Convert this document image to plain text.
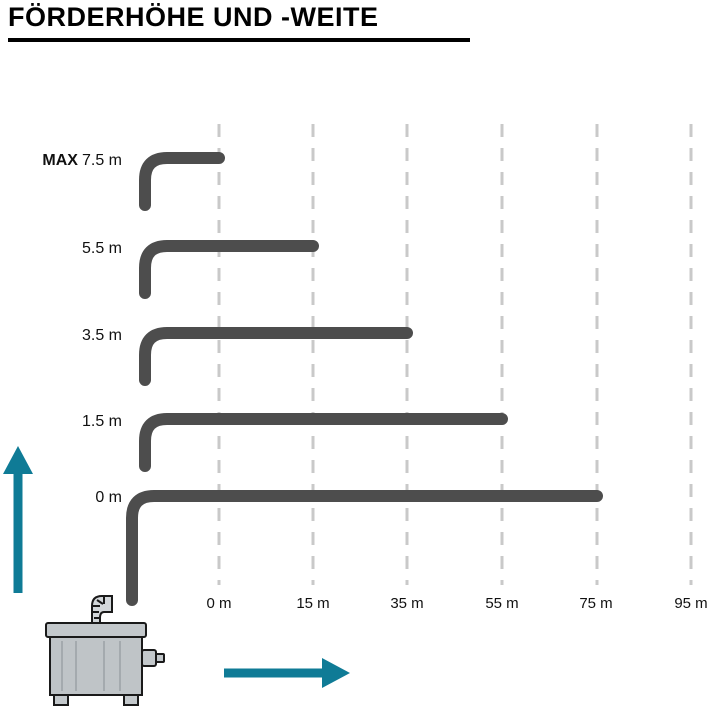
FÖRDERHÖHE UND -WEITE
MAX 7.5 m
5.5 m
3.5 m
1.5 m
0 m
0 m	15 m	35 m	55 m	75 m	95 m
